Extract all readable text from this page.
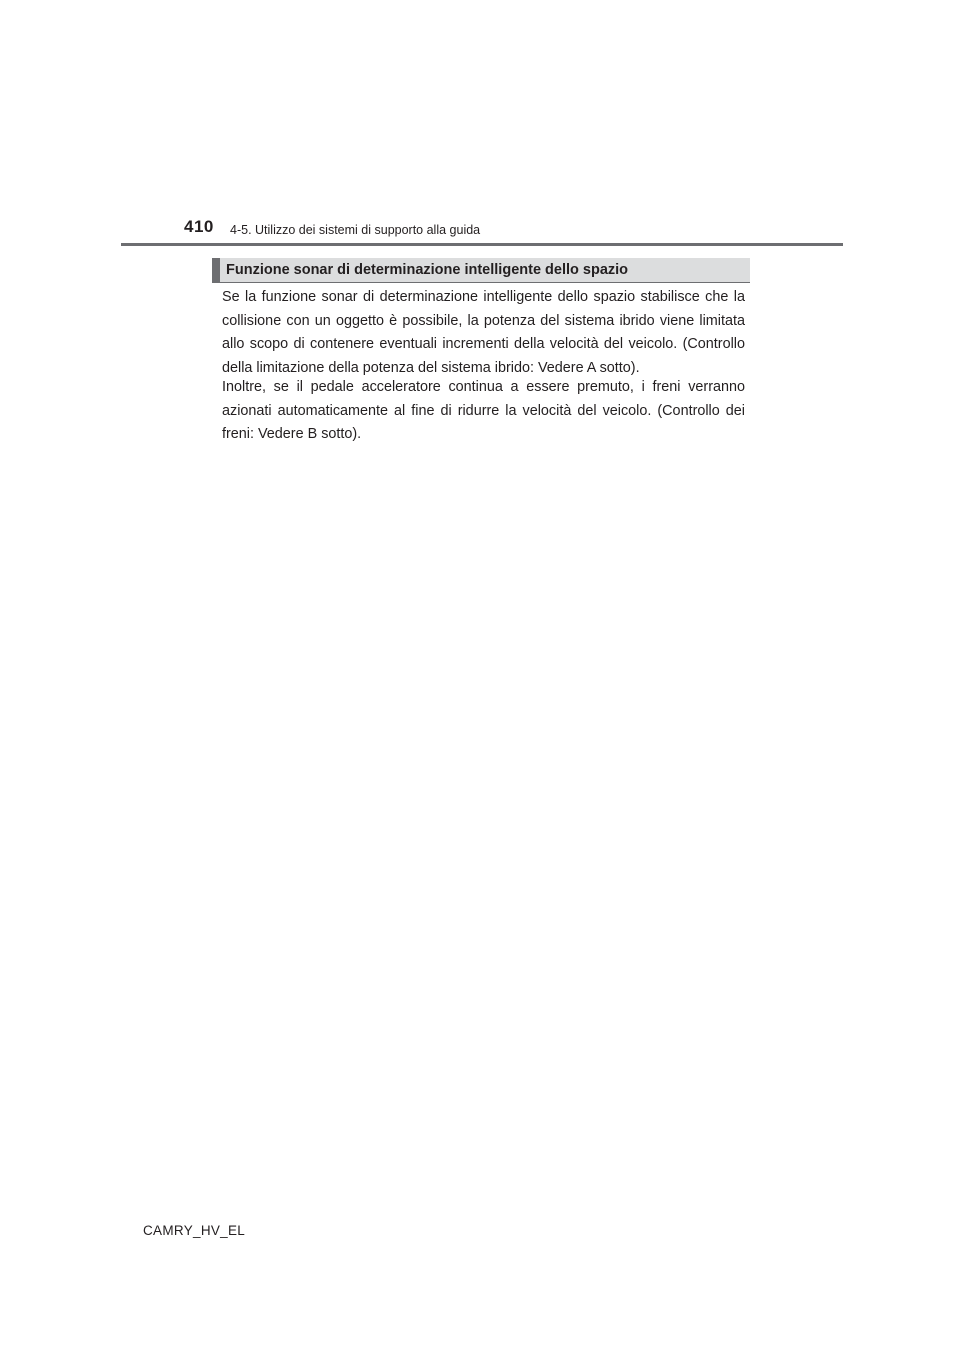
410 4-5. Utilizzo dei sistemi di supporto alla guida
Funzione sonar di determinazione intelligente dello spazio

Se la funzione sonar di determinazione intelligente dello spazio stabilisce che la collisione con un oggetto è possibile, la potenza del sistema ibrido viene limitata allo scopo di contenere eventuali incrementi della velocità del veicolo. (Controllo della limitazione della potenza del sistema ibrido: Vedere A sotto).

Inoltre, se il pedale acceleratore continua a essere premuto, i freni verranno azionati automaticamente al fine di ridurre la velocità del veicolo. (Controllo dei freni: Vedere B sotto).

CAMRY_HV_EL
